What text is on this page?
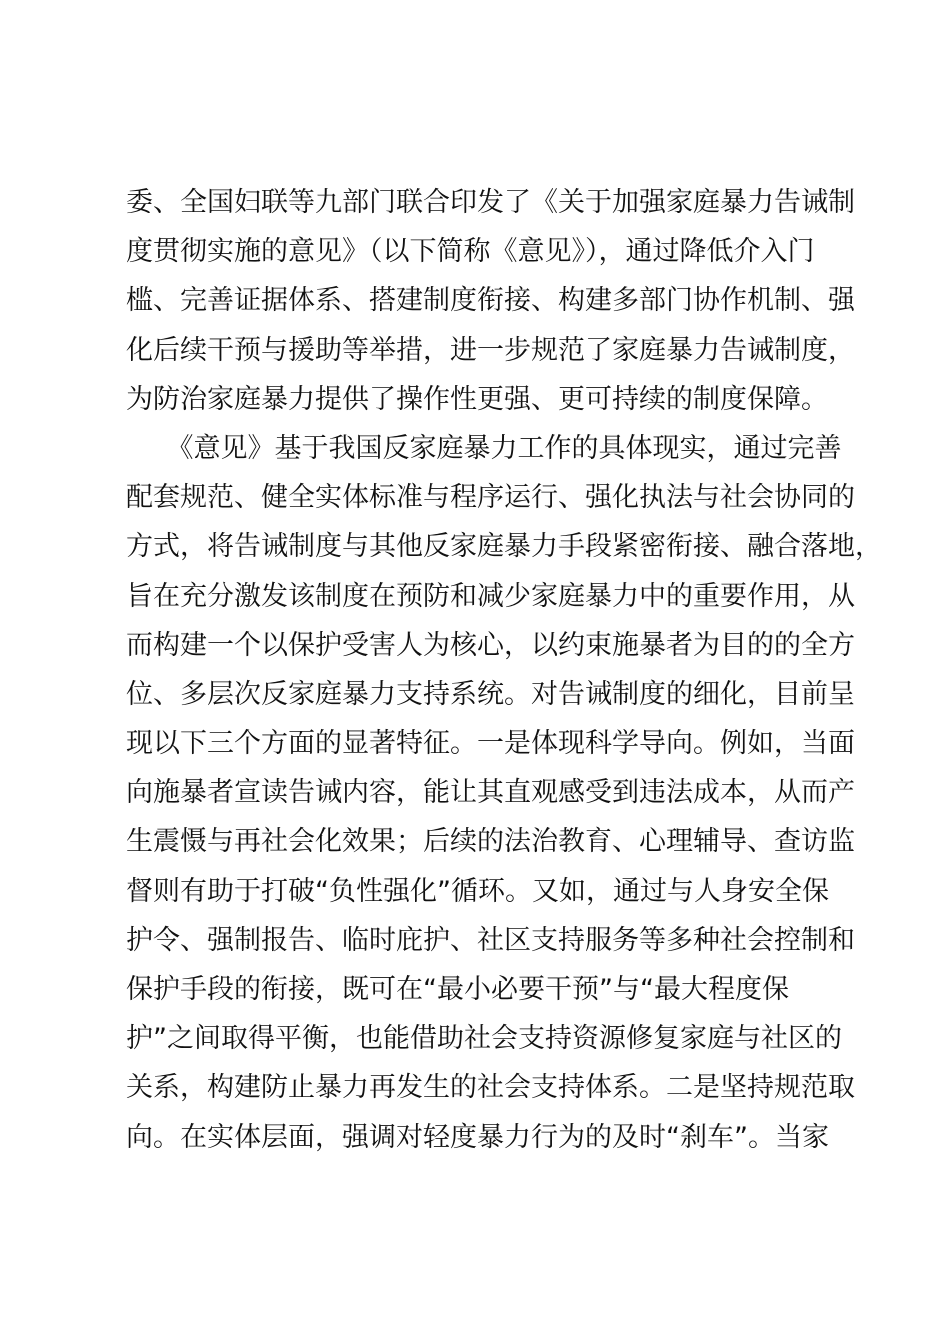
委、全国妇联等九部门联合印发了《关于加强家庭暴力告诫制
度贯彻实施的意见》（以下简称《意见》），通过降低介入门
槛、完善证据体系、搭建制度衔接、构建多部门协作机制、强
化后续干预与援助等举措，进一步规范了家庭暴力告诫制度，
为防治家庭暴力提供了操作性更强、更可持续的制度保障。
　　《意见》基于我国反家庭暴力工作的具体现实，通过完善
配套规范、健全实体标准与程序运行、强化执法与社会协同的
方式，将告诫制度与其他反家庭暴力手段紧密衔接、融合落地，
旨在充分激发该制度在预防和减少家庭暴力中的重要作用，从
而构建一个以保护受害人为核心，以约束施暴者为目的的全方
位、多层次反家庭暴力支持系统。对告诫制度的细化，目前呈
现以下三个方面的显著特征。一是体现科学导向。例如，当面
向施暴者宣读告诫内容，能让其直观感受到违法成本，从而产
生震慑与再社会化效果；后续的法治教育、心理辅导、查访监
督则有助于打破“负性强化”循环。又如，通过与人身安全保
护令、强制报告、临时庇护、社区支持服务等多种社会控制和
保护手段的衔接，既可在“最小必要干预”与“最大程度保
护”之间取得平衡，也能借助社会支持资源修复家庭与社区的
关系，构建防止暴力再发生的社会支持体系。二是坚持规范取
向。在实体层面，强调对轻度暴力行为的及时“刹车”。当家
